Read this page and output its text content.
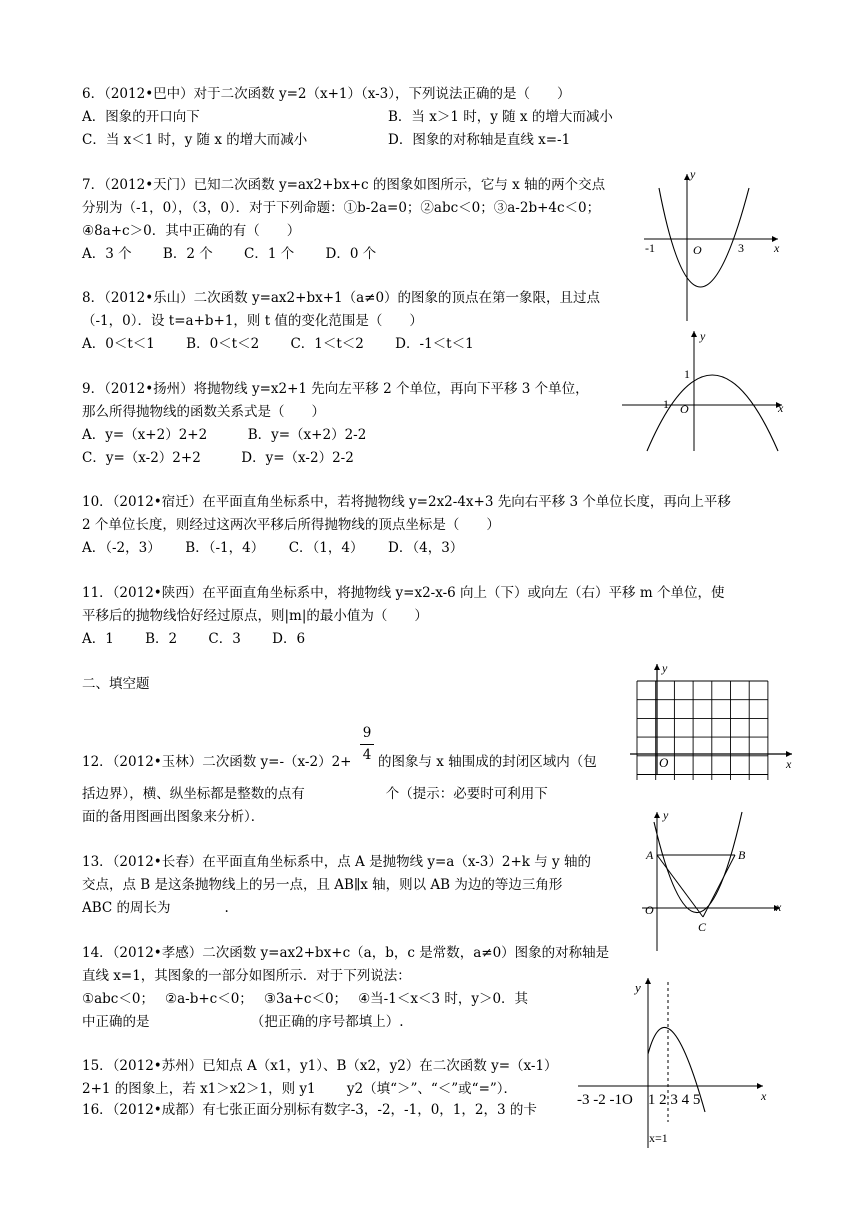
6．（2012•巴中）对于二次函数 y=2（x+1）（x-3），下列说法正确的是（　　）
A．图象的开口向下	B．当 x＞1 时，y 随 x 的增大而减小
C．当 x＜1 时，y 随 x 的增大而减小	D．图象的对称轴是直线 x=-1
7．（2012•天门）已知二次函数 y=ax2+bx+c 的图象如图所示，它与 x 轴的两个交点
分别为（-1，0），（3，0）．对于下列命题：①b-2a=0；②abc＜0；③a-2b+4c＜0；
④8a+c＞0．其中正确的有（　　）
A．3 个　　 B．2 个　　 C．1 个　　 D．0 个
y
x
O
-1	3
8．（2012•乐山）二次函数 y=ax2+bx+1（a≠0）的图象的顶点在第一象限，且过点
（-1，0）．设 t=a+b+1，则 t 值的变化范围是（　　）
A．0＜t＜1　　 B．0＜t＜2　　 C．1＜t＜2　　 D．-1＜t＜1	y
x
O
1
-1
9．（2012•扬州）将抛物线 y=x2+1 先向左平移 2 个单位，再向下平移 3 个单位，
那么所得抛物线的函数关系式是（　　）
A．y=（x+2）2+2　　　B．y=（x+2）2-2
C．y=（x-2）2+2　　　D．y=（x-2）2-2
10．（2012•宿迁）在平面直角坐标系中，若将抛物线 y=2x2-4x+3 先向右平移 3 个单位长度，再向上平移
2 个单位长度，则经过这两次平移后所得抛物线的顶点坐标是（　　）
A．（-2，3）　　 B．（-1，4）　　 C．（1，4）　　 D．（4，3）
11．（2012•陕西）在平面直角坐标系中，将抛物线 y=x2-x-6 向上（下）或向左（右）平移 m 个单位，使
平移后的抛物线恰好经过原点，则|m|的最小值为（　　）
A．1　　 B．2　　 C．3　　 D．6
二、填空题
O
y
x
12．（2012•玉林）二次函数 y=-（x-2）2+
9
4 的图象与 x 轴围成的封闭区域内（包
括边界），横、纵坐标都是整数的点有　　　　　　个（提示：必要时可利用下
面的备用图画出图象来分析）．	y
x
O
A	B
C
13．（2012•长春）在平面直角坐标系中，点 A 是抛物线 y=a（x-3）2+k 与 y 轴的
交点，点 B 是这条抛物线上的另一点，且 AB∥x 轴，则以 AB 为边的等边三角形
ABC 的周长为　　　　.
14．（2012•孝感）二次函数 y=ax2+bx+c（a，b，c 是常数，a≠0）图象的对称轴是
直线 x=1，其图象的一部分如图所示．对于下列说法：
①abc＜0；　 ②a-b+c＜0；　 ③3a+c＜0；　 ④当-1＜x＜3 时，y＞0．其
中正确的是　　　　　　　　（把正确的序号都填上）.
y
x
-3 -2 -1O　1 2 3 4 5
x=1
15．（2012•苏州）已知点 A（x1，y1）、B（x2，y2）在二次函数 y=（x-1）
2+1 的图象上，若 x1＞x2＞1，则 y1　　 y2（填“＞”、“＜”或“=”）．
16．（2012•成都）有七张正面分别标有数字-3，-2，-1，0，1，2，3 的卡
